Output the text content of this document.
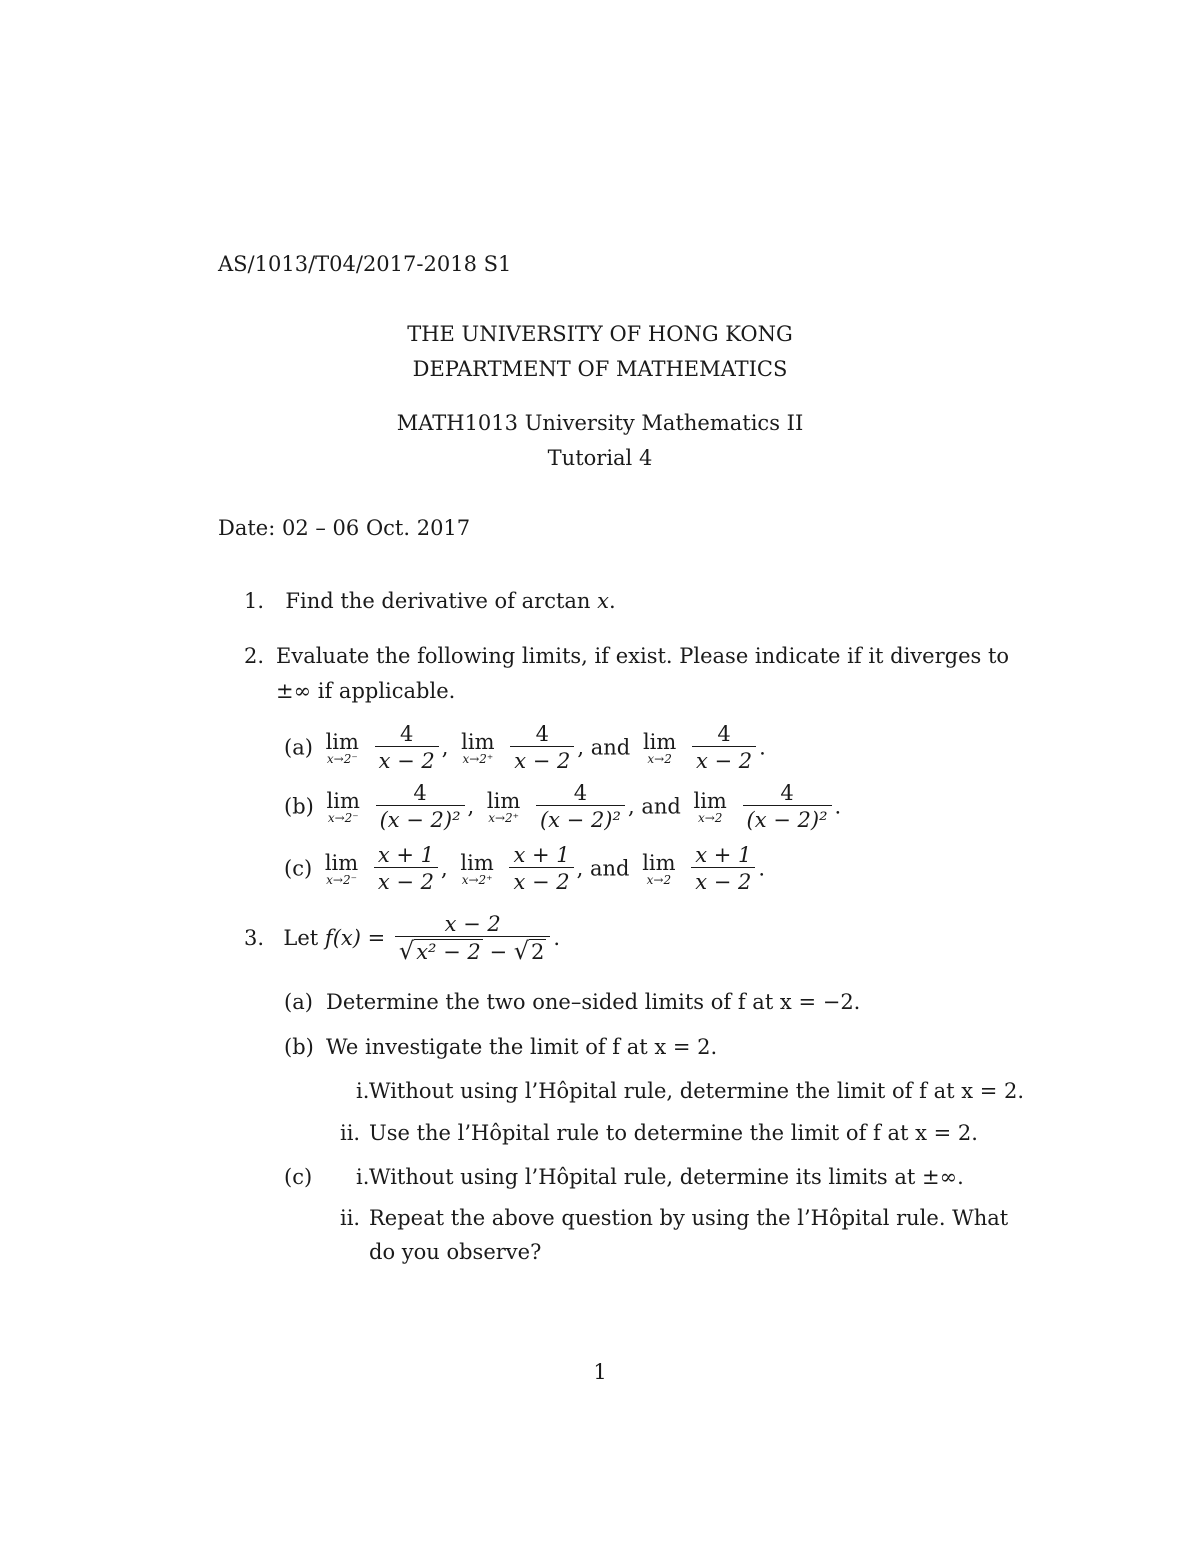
AS/1013/T04/2017-2018 S1
THE UNIVERSITY OF HONG KONG
DEPARTMENT OF MATHEMATICS
MATH1013 University Mathematics II
Tutorial 4
Date: 02 – 06 Oct. 2017
1. Find the derivative of arctan x.
2. Evaluate the following limits, if exist. Please indicate if it diverges to
±∞ if applicable.
(a) lim
x→2⁻
$\frac{4}{x - 2}$ , lim
x→2⁺
$\frac{4}{x - 2}$ , and lim
x→2
$\frac{4}{x - 2}$ .
(b) lim
x→2⁻
$\frac{4}{\text{(x − 2)²}}$ , lim
x→2⁺
$\frac{4}{\text{(x − 2)²}}$ , and lim
x→2
$\frac{4}{\text{(x − 2)²}}$ .
(c) lim
x→2⁻
$\frac{x + 1}{x - 2}$ , lim
x→2⁺
$\frac{x + 1}{x - 2}$ , and lim
x→2
$\frac{x + 1}{x - 2}$ .
3. Let $f(x) = \frac{x - 2}{\text{√x² − 2 − √2}}$ .
(a) Determine the two one–sided limits of f at x = −2.
(b) We investigate the limit of f at x = 2.
i. Without using l’Hôpital rule, determine the limit of f at x = 2.
ii. Use the l’Hôpital rule to determine the limit of f at x = 2.
(c) i. Without using l’Hôpital rule, determine its limits at ±∞.
ii. Repeat the above question by using the l’Hôpital rule. What
do you observe?
1
